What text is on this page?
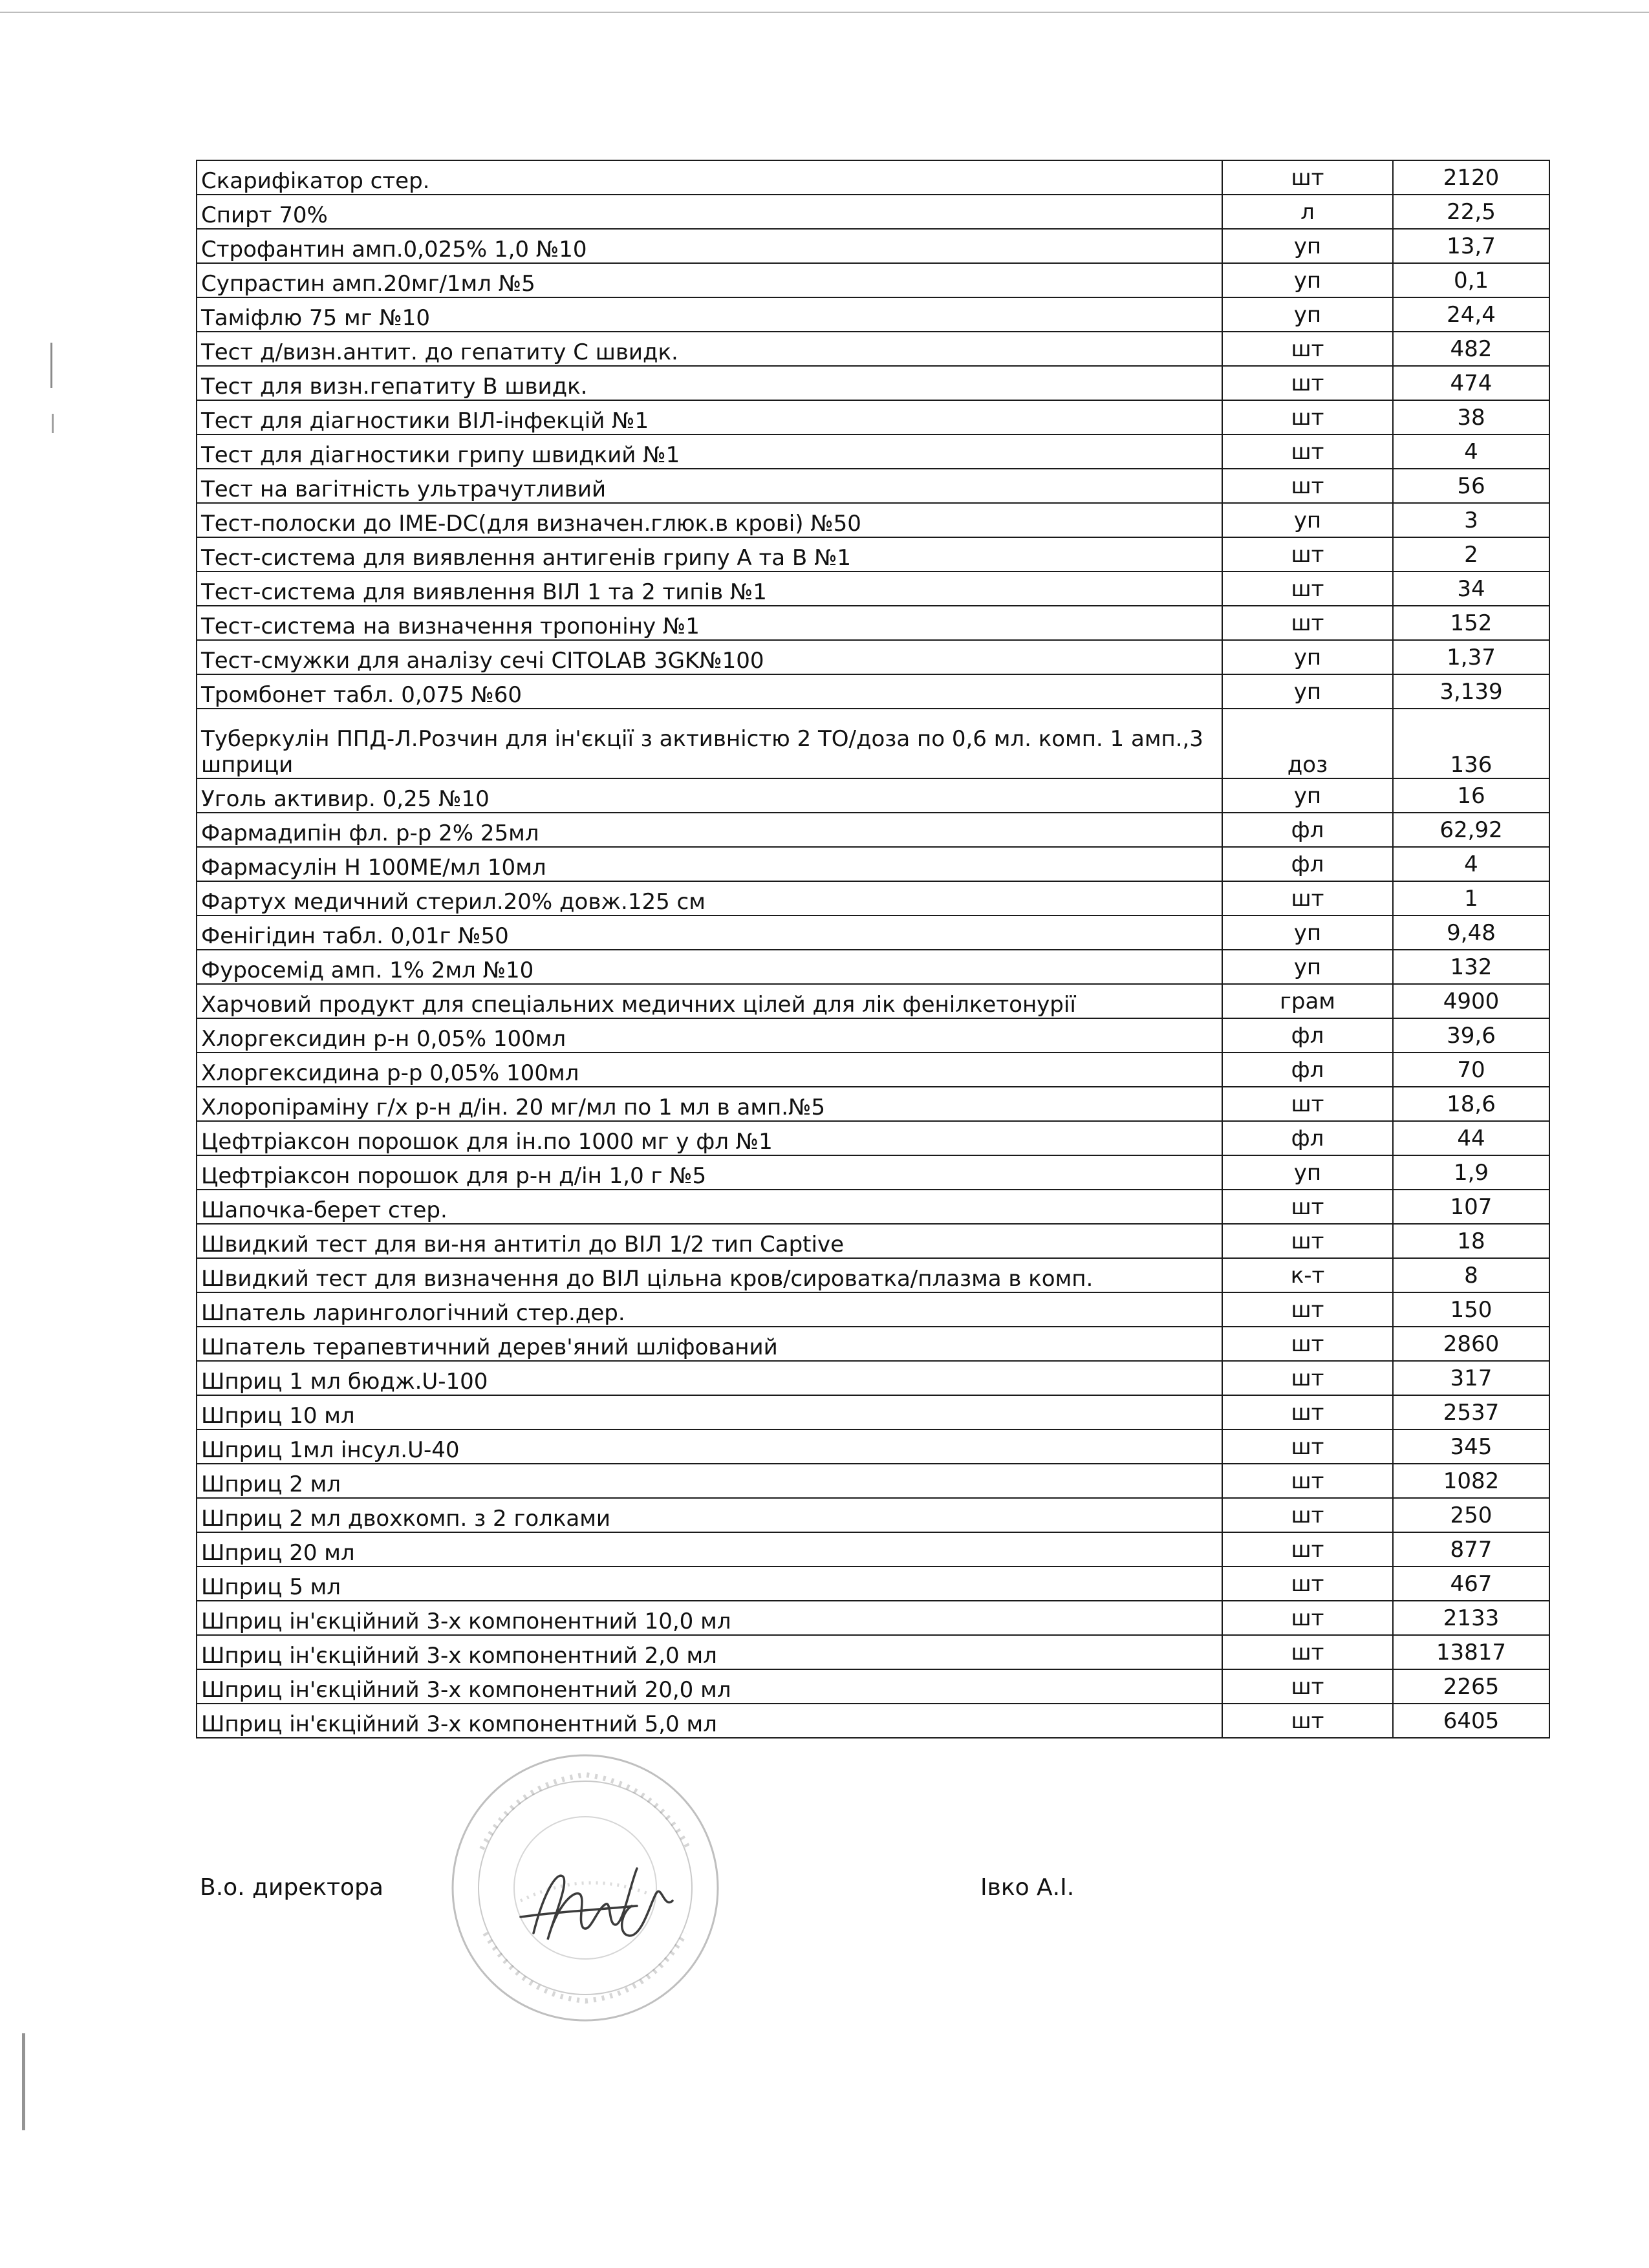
Скарифікатор стер.	шт	2120
Спирт 70%	л	22,5
Строфантин амп.0,025% 1,0 №10	уп	13,7
Супрастин амп.20мг/1мл №5	уп	0,1
Таміфлю 75 мг №10	уп	24,4
Тест д/визн.антит. до гепатиту С швидк.	шт	482
Тест для визн.гепатиту В швидк.	шт	474
Тест для діагностики ВІЛ-інфекцій №1	шт	38
Тест для діагностики грипу швидкий №1	шт	4
Тест на вагітність ультрачутливий	шт	56
Тест-полоски до IME-DC(для визначен.глюк.в крові) №50	уп	3
Тест-система для виявлення антигенів грипу А та В №1	шт	2
Тест-система для виявлення ВІЛ 1 та 2 типів №1	шт	34
Тест-система на визначення тропоніну №1	шт	152
Тест-смужки для аналізу сечі CITOLAB 3GK№100	уп	1,37
Тромбонет табл. 0,075 №60	уп	3,139
Туберкулін ППД-Л.Розчин для ін'єкції з активністю 2 ТО/доза по 0,6 мл. комп. 1 амп.,3 шприци	доз	136
Уголь активир. 0,25 №10	уп	16
Фармадипін фл. р-р 2% 25мл	фл	62,92
Фармасулін Н 100МЕ/мл 10мл	фл	4
Фартух медичний стерил.20% довж.125 см	шт	1
Фенігідин табл. 0,01г №50	уп	9,48
Фуросемід амп. 1% 2мл №10	уп	132
Харчовий продукт для спеціальних медичних цілей для лік фенілкетонурії	грам	4900
Хлоргексидин р-н 0,05% 100мл	фл	39,6
Хлоргексидина р-р 0,05% 100мл	фл	70
Хлоропіраміну г/х р-н д/ін. 20 мг/мл по 1 мл в амп.№5	шт	18,6
Цефтріаксон порошок для ін.по 1000 мг у фл №1	фл	44
Цефтріаксон порошок для р-н д/ін 1,0 г №5	уп	1,9
Шапочка-берет стер.	шт	107
Швидкий тест для ви-ня антитіл до ВІЛ 1/2 тип Captive	шт	18
Швидкий тест для визначення до ВІЛ цільна кров/сироватка/плазма в комп.	к-т	8
Шпатель ларингологічний стер.дер.	шт	150
Шпатель терапевтичний дерев'яний шліфований	шт	2860
Шприц 1 мл бюдж.U-100	шт	317
Шприц 10 мл	шт	2537
Шприц 1мл інсул.U-40	шт	345
Шприц 2 мл	шт	1082
Шприц 2 мл двохкомп. з 2 голками	шт	250
Шприц 20 мл	шт	877
Шприц 5 мл	шт	467
Шприц ін'єкційний 3-х компонентний 10,0 мл	шт	2133
Шприц ін'єкційний 3-х компонентний 2,0 мл	шт	13817
Шприц ін'єкційний 3-х компонентний 20,0 мл	шт	2265
Шприц ін'єкційний 3-х компонентний 5,0 мл	шт	6405
В.о. директора	Івко А.І.
